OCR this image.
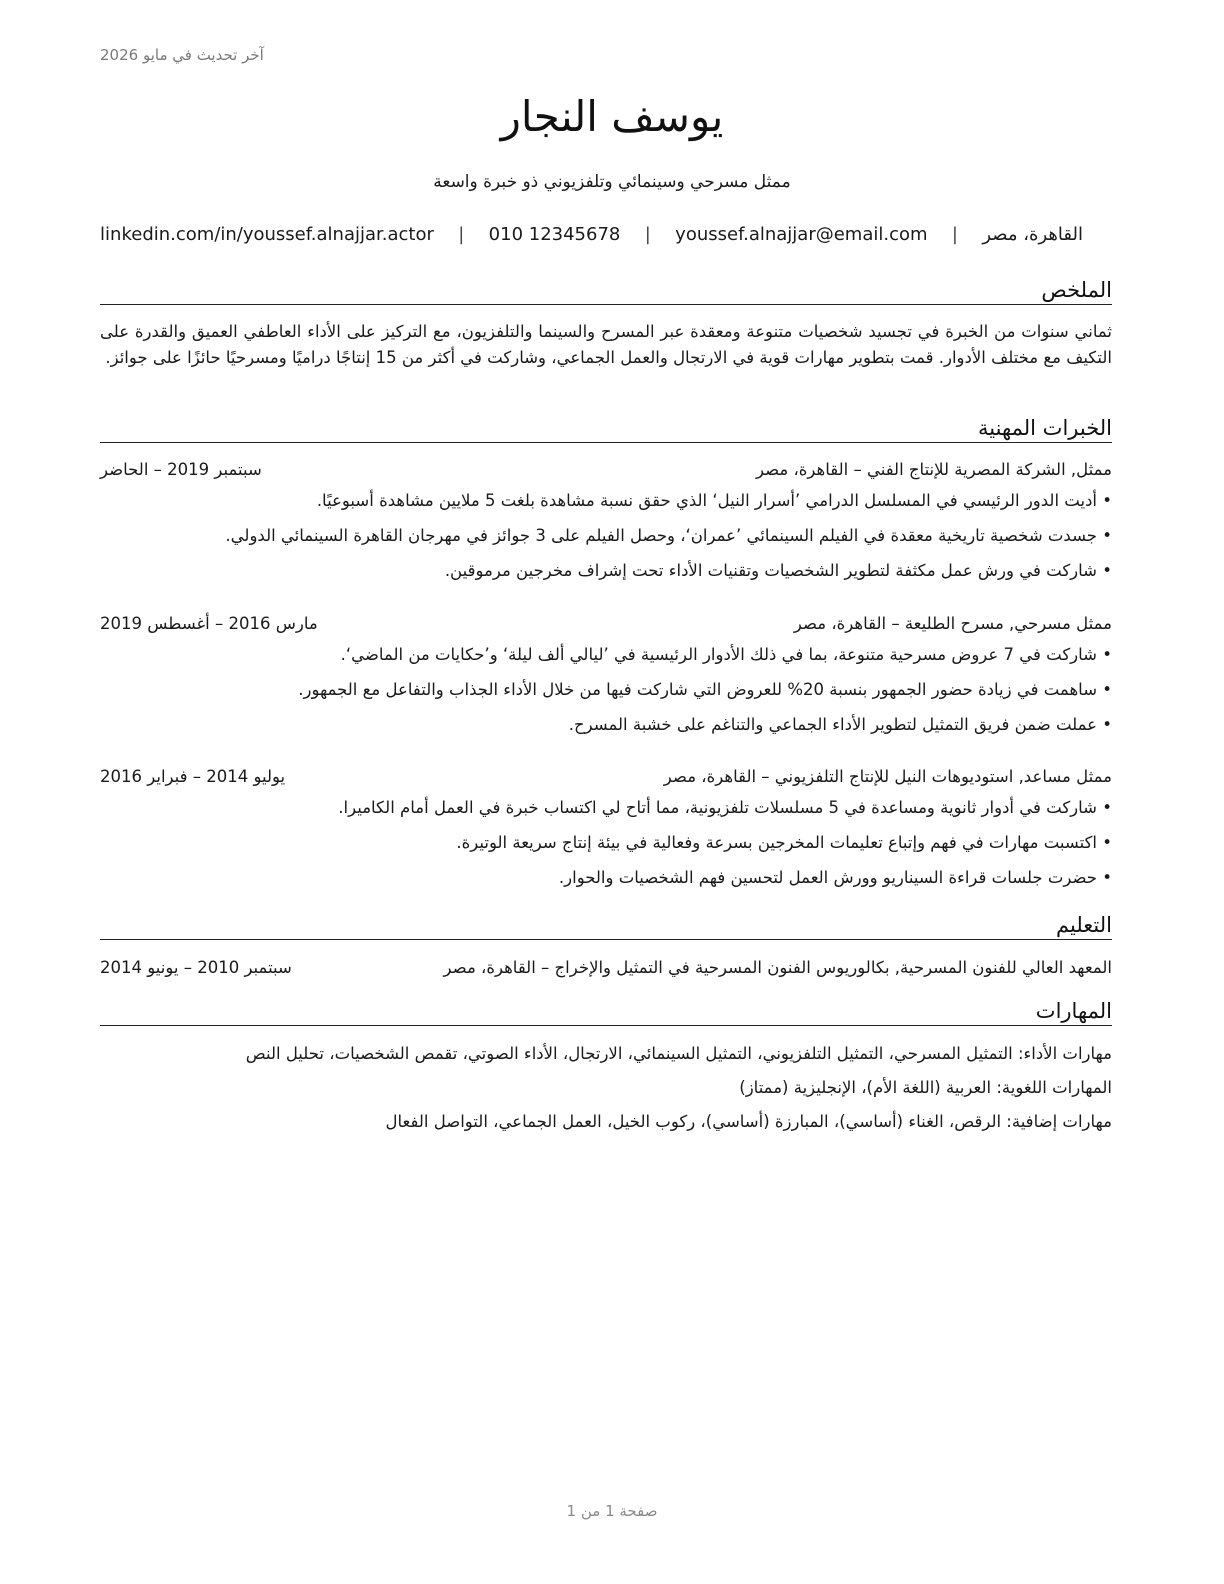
آخر تحديث في مايو 2026
يوسف النجار
ممثل مسرحي وسينمائي وتلفزيوني ذو خبرة واسعة
القاهرة، مصر
|
youssef.alnajjar@email.com
|
010 12345678
|
linkedin.com/in/youssef.alnajjar.actor
الملخص
ثماني سنوات من الخبرة في تجسيد شخصيات متنوعة ومعقدة عبر المسرح والسينما والتلفزيون، مع التركيز على الأداء العاطفي العميق والقدرة على التكيف مع مختلف الأدوار. قمت بتطوير مهارات قوية في الارتجال والعمل الجماعي، وشاركت في أكثر من 15 إنتاجًا دراميًا ومسرحيًا حائزًا على جوائز.
الخبرات المهنية
ممثل, الشركة المصرية للإنتاج الفني – القاهرة، مصر
سبتمبر 2019 – الحاضر
• أديت الدور الرئيسي في المسلسل الدرامي ’أسرار النيل‘ الذي حقق نسبة مشاهدة بلغت 5 ملايين مشاهدة أسبوعيًا.
• جسدت شخصية تاريخية معقدة في الفيلم السينمائي ’عمران‘، وحصل الفيلم على 3 جوائز في مهرجان القاهرة السينمائي الدولي.
• شاركت في ورش عمل مكثفة لتطوير الشخصيات وتقنيات الأداء تحت إشراف مخرجين مرموقين.
ممثل مسرحي, مسرح الطليعة – القاهرة، مصر
مارس 2016 – أغسطس 2019
• شاركت في 7 عروض مسرحية متنوعة، بما في ذلك الأدوار الرئيسية في ’ليالي ألف ليلة‘ و’حكايات من الماضي‘.
• ساهمت في زيادة حضور الجمهور بنسبة 20% للعروض التي شاركت فيها من خلال الأداء الجذاب والتفاعل مع الجمهور.
• عملت ضمن فريق التمثيل لتطوير الأداء الجماعي والتناغم على خشبة المسرح.
ممثل مساعد, استوديوهات النيل للإنتاج التلفزيوني – القاهرة، مصر
يوليو 2014 – فبراير 2016
• شاركت في أدوار ثانوية ومساعدة في 5 مسلسلات تلفزيونية، مما أتاح لي اكتساب خبرة في العمل أمام الكاميرا.
• اكتسبت مهارات في فهم وإتباع تعليمات المخرجين بسرعة وفعالية في بيئة إنتاج سريعة الوتيرة.
• حضرت جلسات قراءة السيناريو وورش العمل لتحسين فهم الشخصيات والحوار.
التعليم
المعهد العالي للفنون المسرحية, بكالوريوس الفنون المسرحية في التمثيل والإخراج – القاهرة، مصر
سبتمبر 2010 – يونيو 2014
المهارات
مهارات الأداء: التمثيل المسرحي، التمثيل التلفزيوني، التمثيل السينمائي، الارتجال، الأداء الصوتي، تقمص الشخصيات، تحليل النص
المهارات اللغوية: العربية (اللغة الأم)، الإنجليزية (ممتاز)
مهارات إضافية: الرقص، الغناء (أساسي)، المبارزة (أساسي)، ركوب الخيل، العمل الجماعي، التواصل الفعال
صفحة 1 من 1
